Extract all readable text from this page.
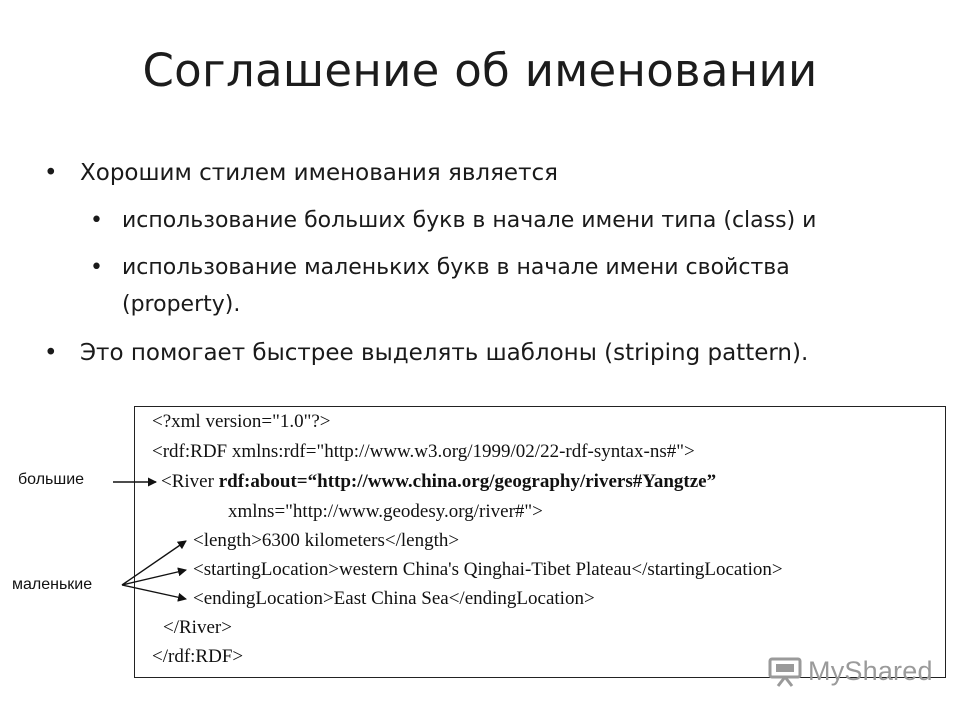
Соглашение об именовании
• Хорошим стилем именования является
• использование больших букв в начале имени типа (class) и
• использование маленьких букв в начале имени свойства
(property).
• Это помогает быстрее выделять шаблоны (striping pattern).
<?xml version="1.0"?>
<rdf:RDF xmlns:rdf="http://www.w3.org/1999/02/22-rdf-syntax-ns#">
<River rdf:about=“http://www.china.org/geography/rivers#Yangtze”
xmlns="http://www.geodesy.org/river#">
<length>6300 kilometers</length>
<startingLocation>western China's Qinghai-Tibet Plateau</startingLocation>
<endingLocation>East China Sea</endingLocation>
</River>
</rdf:RDF>
большие
маленькие
MyShared
